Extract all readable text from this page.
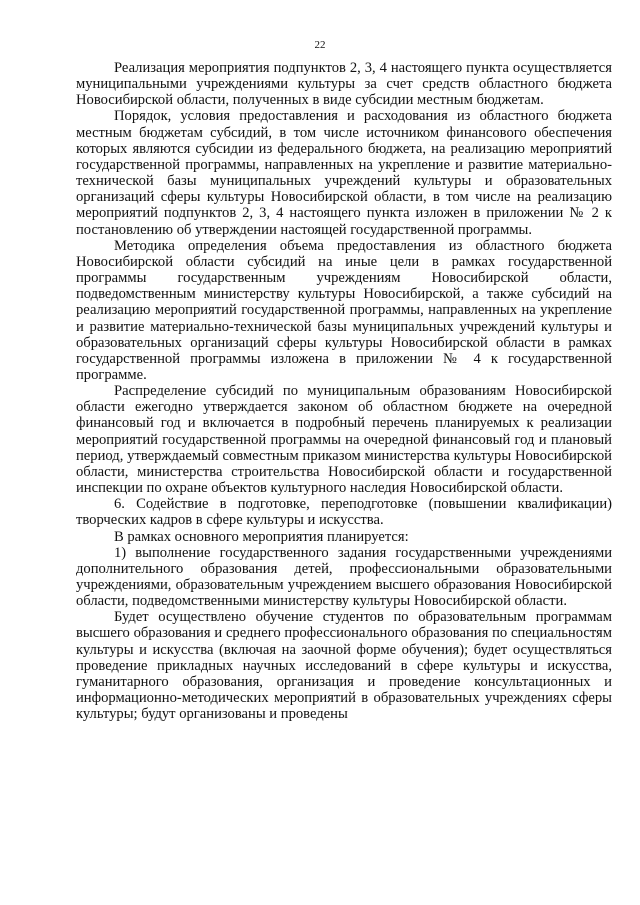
22

Реализация мероприятия подпунктов 2, 3, 4 настоящего пункта осуществляется муниципальными учреждениями культуры за счет средств областного бюджета Новосибирской области, полученных в виде субсидии местным бюджетам.

Порядок, условия предоставления и расходования из областного бюджета местным бюджетам субсидий, в том числе источником финансового обеспечения которых являются субсидии из федерального бюджета, на реализацию мероприятий государственной программы, направленных на укрепление и развитие материально-технической базы муниципальных учреждений культуры и образовательных организаций сферы культуры Новосибирской области, в том числе на реализацию мероприятий подпунктов 2, 3, 4 настоящего пункта изложен в приложении № 2 к постановлению об утверждении настоящей государственной программы.

Методика определения объема предоставления из областного бюджета Новосибирской области субсидий на иные цели в рамках государственной программы государственным учреждениям Новосибирской области, подведомственным министерству культуры Новосибирской, а также субсидий на реализацию мероприятий государственной программы, направленных на укрепление и развитие материально-технической базы муниципальных учреждений культуры и образовательных организаций сферы культуры Новосибирской области в рамках государственной программы изложена в приложении № 4 к государственной программе.

Распределение субсидий по муниципальным образованиям Новосибирской области ежегодно утверждается законом об областном бюджете на очередной финансовый год и включается в подробный перечень планируемых к реализации мероприятий государственной программы на очередной финансовый год и плановый период, утверждаемый совместным приказом министерства культуры Новосибирской области, министерства строительства Новосибирской области и государственной инспекции по охране объектов культурного наследия Новосибирской области.

6. Содействие в подготовке, переподготовке (повышении квалификации) творческих кадров в сфере культуры и искусства.

В рамках основного мероприятия планируется:

1) выполнение государственного задания государственными учреждениями дополнительного образования детей, профессиональными образовательными учреждениями, образовательным учреждением высшего образования Новосибирской области, подведомственными министерству культуры Новосибирской области.

Будет осуществлено обучение студентов по образовательным программам высшего образования и среднего профессионального образования по специальностям культуры и искусства (включая на заочной форме обучения); будет осуществляться проведение прикладных научных исследований в сфере культуры и искусства, гуманитарного образования, организация и проведение консультационных и информационно-методических мероприятий в образовательных учреждениях сферы культуры; будут организованы и проведены
